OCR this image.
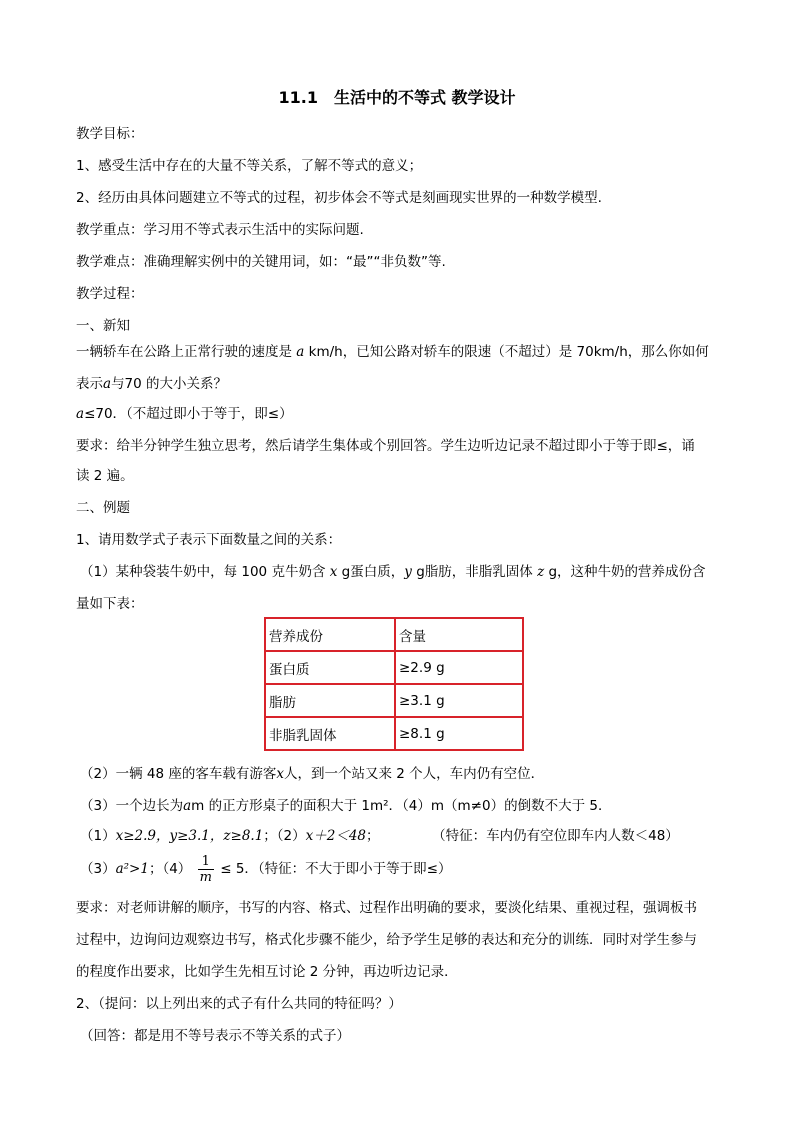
11.1　生活中的不等式 教学设计
教学目标：
1、感受生活中存在的大量不等关系，了解不等式的意义；
2、经历由具体问题建立不等式的过程，初步体会不等式是刻画现实世界的一种数学模型.
教学重点：学习用不等式表示生活中的实际问题.
教学难点：准确理解实例中的关键用词，如：“最”“非负数”等.
教学过程：
一、新知
一辆轿车在公路上正常行驶的速度是 a km/h，已知公路对轿车的限速（不超过）是 70km/h，那么你如何
表示a与70 的大小关系？
a≤70．（不超过即小于等于，即≤）
要求：给半分钟学生独立思考，然后请学生集体或个别回答。学生边听边记录不超过即小于等于即≤，诵
读 2 遍。
二、例题
1、请用数学式子表示下面数量之间的关系：
（1）某种袋装牛奶中，每 100 克牛奶含 x g蛋白质，y g脂肪，非脂乳固体 z g，这种牛奶的营养成份含
量如下表：
营养成份	含量
蛋白质	≥2.9 g
脂肪	≥3.1 g
非脂乳固体	≥8.1 g
（2）一辆 48 座的客车载有游客x人，到一个站又来 2 个人，车内仍有空位．
（3）一个边长为am 的正方形桌子的面积大于 1m²．（4）m（m≠0）的倒数不大于 5．
（1）x≥2.9，y≥3.1，z≥8.1；（2）x＋2＜48；	（特征：车内仍有空位即车内人数＜48）
（3）a²>1；$(4) \frac{1}{m} \le 5$．（特征：不大于即小于等于即≤）
要求：对老师讲解的顺序，书写的内容、格式、过程作出明确的要求，要淡化结果、重视过程，强调板书
过程中，边询问边观察边书写，格式化步骤不能少，给予学生足够的表达和充分的训练．同时对学生参与
的程度作出要求，比如学生先相互讨论 2 分钟，再边听边记录．
2、（提问：以上列出来的式子有什么共同的特征吗？）
（回答：都是用不等号表示不等关系的式子）
